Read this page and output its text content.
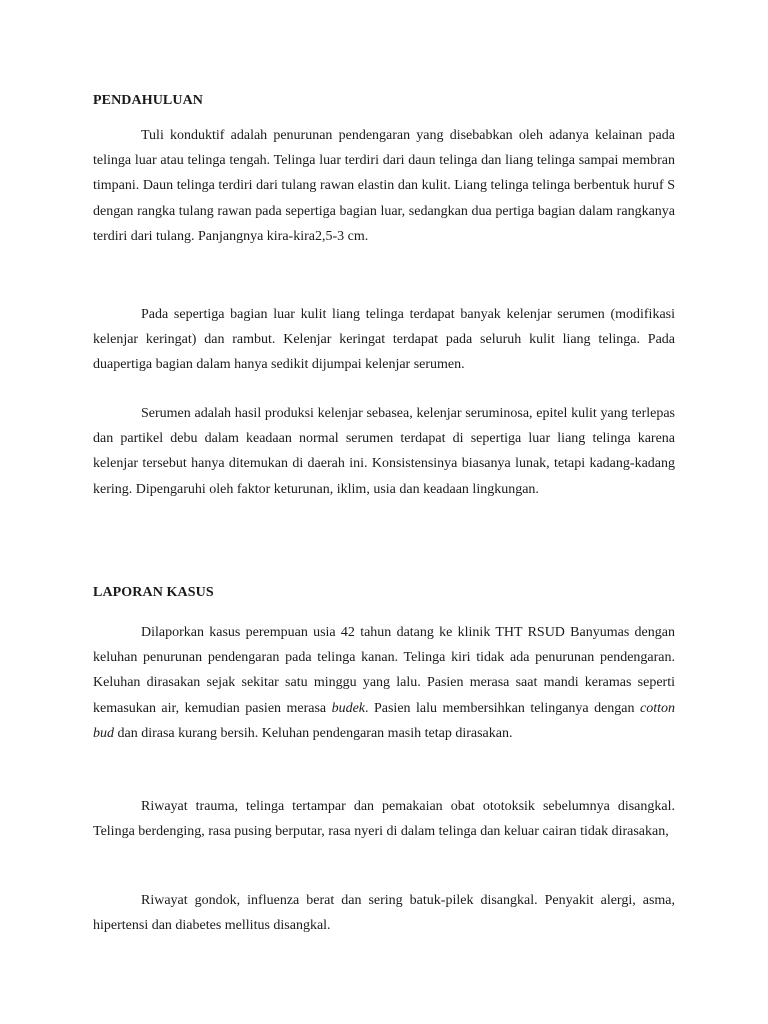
PENDAHULUAN

Tuli konduktif adalah penurunan pendengaran yang disebabkan oleh adanya kelainan pada telinga luar atau telinga tengah. Telinga luar terdiri dari daun telinga dan liang telinga sampai membran timpani. Daun telinga terdiri dari tulang rawan elastin dan kulit. Liang telinga telinga berbentuk huruf S dengan rangka tulang rawan pada sepertiga bagian luar, sedangkan dua pertiga bagian dalam rangkanya terdiri dari tulang. Panjangnya kira-kira2,5-3 cm.

Pada sepertiga bagian luar kulit liang telinga terdapat banyak kelenjar serumen (modifikasi kelenjar keringat) dan rambut. Kelenjar keringat terdapat pada seluruh kulit liang telinga. Pada duapertiga bagian dalam hanya sedikit dijumpai kelenjar serumen.

Serumen adalah hasil produksi kelenjar sebasea, kelenjar seruminosa, epitel kulit yang terlepas dan partikel debu dalam keadaan normal serumen terdapat di sepertiga luar liang telinga karena kelenjar tersebut hanya ditemukan di daerah ini. Konsistensinya biasanya lunak, tetapi kadang-kadang kering. Dipengaruhi oleh faktor keturunan, iklim, usia dan keadaan lingkungan.

LAPORAN KASUS

Dilaporkan kasus perempuan usia 42 tahun datang ke klinik THT RSUD Banyumas dengan keluhan penurunan pendengaran pada telinga kanan. Telinga kiri tidak ada penurunan pendengaran. Keluhan dirasakan sejak sekitar satu minggu yang lalu. Pasien merasa saat mandi keramas seperti kemasukan air, kemudian pasien merasa budek. Pasien lalu membersihkan telinganya dengan cotton bud dan dirasa kurang bersih. Keluhan pendengaran masih tetap dirasakan.

Riwayat trauma, telinga tertampar dan pemakaian obat ototoksik sebelumnya disangkal. Telinga berdenging, rasa pusing berputar, rasa nyeri di dalam telinga dan keluar cairan tidak dirasakan,

Riwayat gondok, influenza berat dan sering batuk-pilek disangkal. Penyakit alergi, asma, hipertensi dan diabetes mellitus disangkal.
